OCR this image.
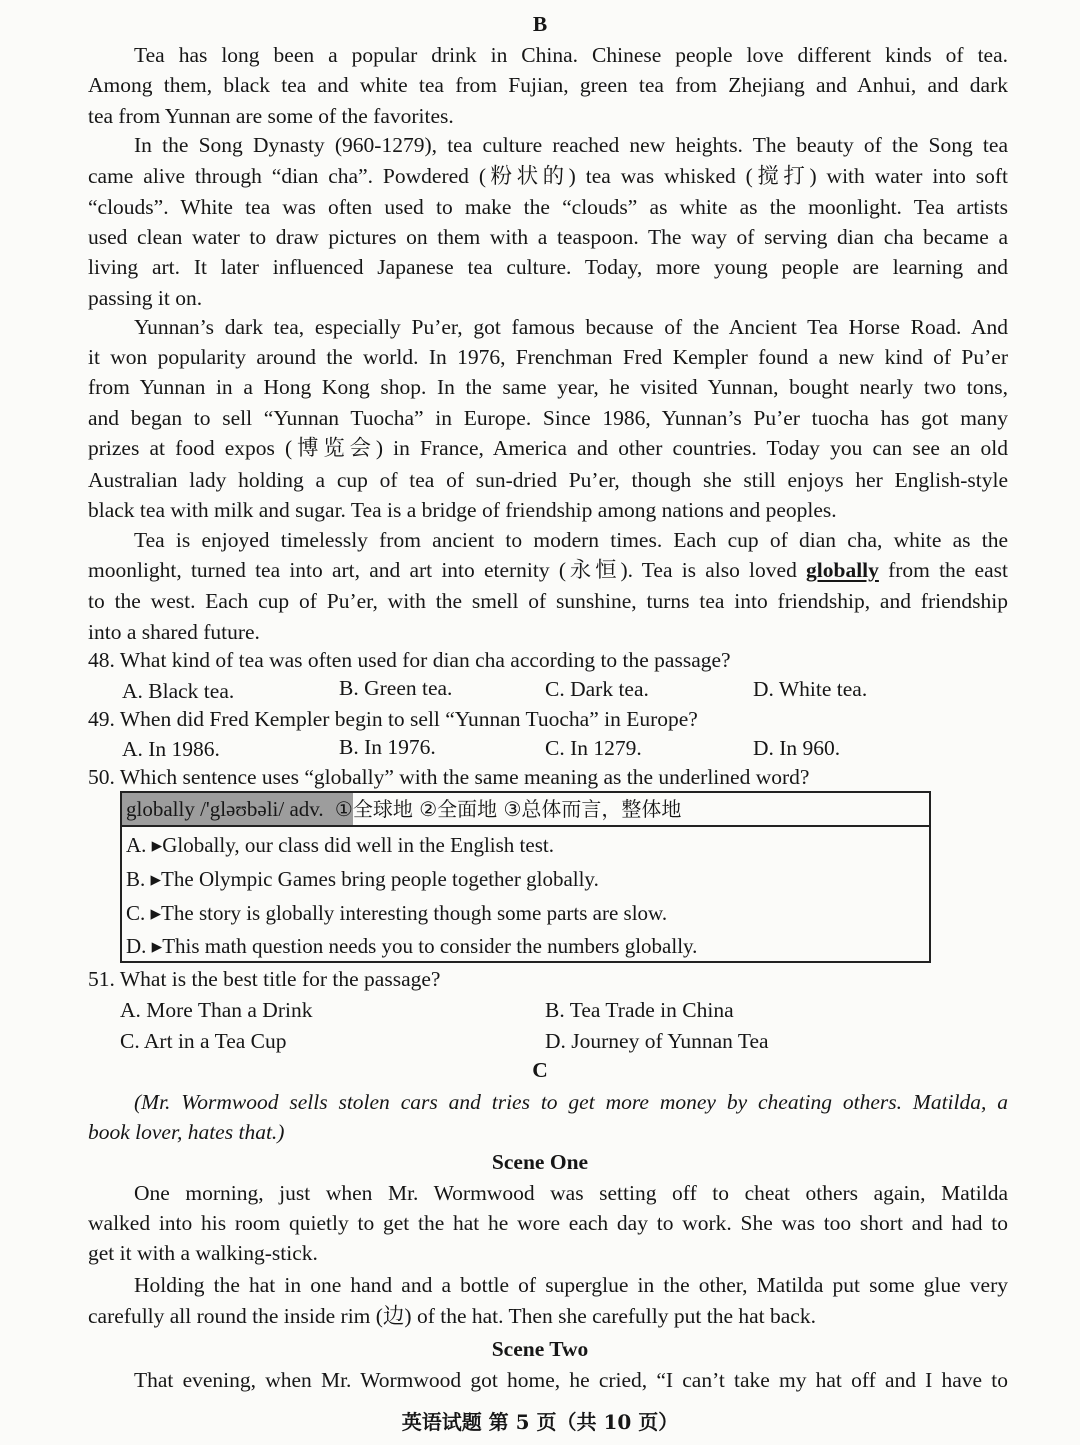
B
Tea has long been a popular drink in China. Chinese people love different kinds of tea.
Among them, black tea and white tea from Fujian, green tea from Zhejiang and Anhui, and dark
tea from Yunnan are some of the favorites.
In the Song Dynasty (960-1279), tea culture reached new heights. The beauty of the Song tea
came alive through “dian cha”. Powdered (粉状的) tea was whisked (搅打) with water into soft
“clouds”. White tea was often used to make the “clouds” as white as the moonlight. Tea artists
used clean water to draw pictures on them with a teaspoon. The way of serving dian cha became a
living art. It later influenced Japanese tea culture. Today, more young people are learning and
passing it on.
Yunnan’s dark tea, especially Pu’er, got famous because of the Ancient Tea Horse Road. And
it won popularity around the world. In 1976, Frenchman Fred Kempler found a new kind of Pu’er
from Yunnan in a Hong Kong shop. In the same year, he visited Yunnan, bought nearly two tons,
and began to sell “Yunnan Tuocha” in Europe. Since 1986, Yunnan’s Pu’er tuocha has got many
prizes at food expos (博览会) in France, America and other countries. Today you can see an old
Australian lady holding a cup of tea of sun-dried Pu’er, though she still enjoys her English-style
black tea with milk and sugar. Tea is a bridge of friendship among nations and peoples.
Tea is enjoyed timelessly from ancient to modern times. Each cup of dian cha, white as the
moonlight, turned tea into art, and art into eternity (永恒). Tea is also loved globally from the east
to the west. Each cup of Pu’er, with the smell of sunshine, turns tea into friendship, and friendship
into a shared future.
48. What kind of tea was often used for dian cha according to the passage?
A. Black tea.	B. Green tea.	C. Dark tea.	D. White tea.
49. When did Fred Kempler begin to sell “Yunnan Tuocha” in Europe?
A. In 1986.	B. In 1976.	C. In 1279.	D. In 960.
50. Which sentence uses “globally” with the same meaning as the underlined word?
globally /'gləʊbəli/ adv. ①全球地 ②全面地 ③总体而言，整体地
A. ▸Globally, our class did well in the English test.
B. ▸The Olympic Games bring people together globally.
C. ▸The story is globally interesting though some parts are slow.
D. ▸This math question needs you to consider the numbers globally.
51. What is the best title for the passage?
A. More Than a Drink	B. Tea Trade in China
C. Art in a Tea Cup	D. Journey of Yunnan Tea
C
(Mr. Wormwood sells stolen cars and tries to get more money by cheating others. Matilda, a
book lover, hates that.)
Scene One
One morning, just when Mr. Wormwood was setting off to cheat others again, Matilda
walked into his room quietly to get the hat he wore each day to work. She was too short and had to
get it with a walking-stick.
Holding the hat in one hand and a bottle of superglue in the other, Matilda put some glue very
carefully all round the inside rim (边) of the hat. Then she carefully put the hat back.
Scene Two
That evening, when Mr. Wormwood got home, he cried, “I can’t take my hat off and I have to
英语试题 第 5 页（共 10 页）
